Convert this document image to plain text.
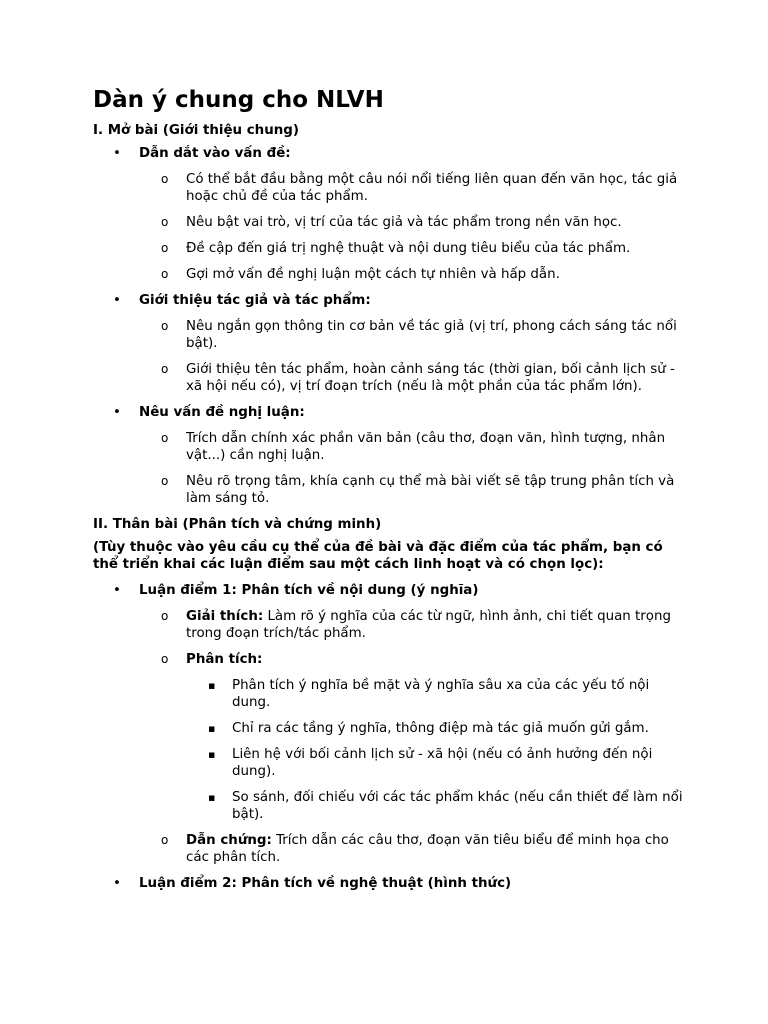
Dàn ý chung cho NLVH
I. Mở bài (Giới thiệu chung)
• Dẫn dắt vào vấn đề:
o Có thể bắt đầu bằng một câu nói nổi tiếng liên quan đến văn học, tác giả hoặc chủ đề của tác phẩm.
o Nêu bật vai trò, vị trí của tác giả và tác phẩm trong nền văn học.
o Đề cập đến giá trị nghệ thuật và nội dung tiêu biểu của tác phẩm.
o Gợi mở vấn đề nghị luận một cách tự nhiên và hấp dẫn.
• Giới thiệu tác giả và tác phẩm:
o Nêu ngắn gọn thông tin cơ bản về tác giả (vị trí, phong cách sáng tác nổi bật).
o Giới thiệu tên tác phẩm, hoàn cảnh sáng tác (thời gian, bối cảnh lịch sử - xã hội nếu có), vị trí đoạn trích (nếu là một phần của tác phẩm lớn).
• Nêu vấn đề nghị luận:
o Trích dẫn chính xác phần văn bản (câu thơ, đoạn văn, hình tượng, nhân vật...) cần nghị luận.
o Nêu rõ trọng tâm, khía cạnh cụ thể mà bài viết sẽ tập trung phân tích và làm sáng tỏ.
II. Thân bài (Phân tích và chứng minh)
(Tùy thuộc vào yêu cầu cụ thể của đề bài và đặc điểm của tác phẩm, bạn có thể triển khai các luận điểm sau một cách linh hoạt và có chọn lọc):
• Luận điểm 1: Phân tích về nội dung (ý nghĩa)
o Giải thích: Làm rõ ý nghĩa của các từ ngữ, hình ảnh, chi tiết quan trọng trong đoạn trích/tác phẩm.
o Phân tích:
▪ Phân tích ý nghĩa bề mặt và ý nghĩa sâu xa của các yếu tố nội dung.
▪ Chỉ ra các tầng ý nghĩa, thông điệp mà tác giả muốn gửi gắm.
▪ Liên hệ với bối cảnh lịch sử - xã hội (nếu có ảnh hưởng đến nội dung).
▪ So sánh, đối chiếu với các tác phẩm khác (nếu cần thiết để làm nổi bật).
o Dẫn chứng: Trích dẫn các câu thơ, đoạn văn tiêu biểu để minh họa cho các phân tích.
• Luận điểm 2: Phân tích về nghệ thuật (hình thức)
